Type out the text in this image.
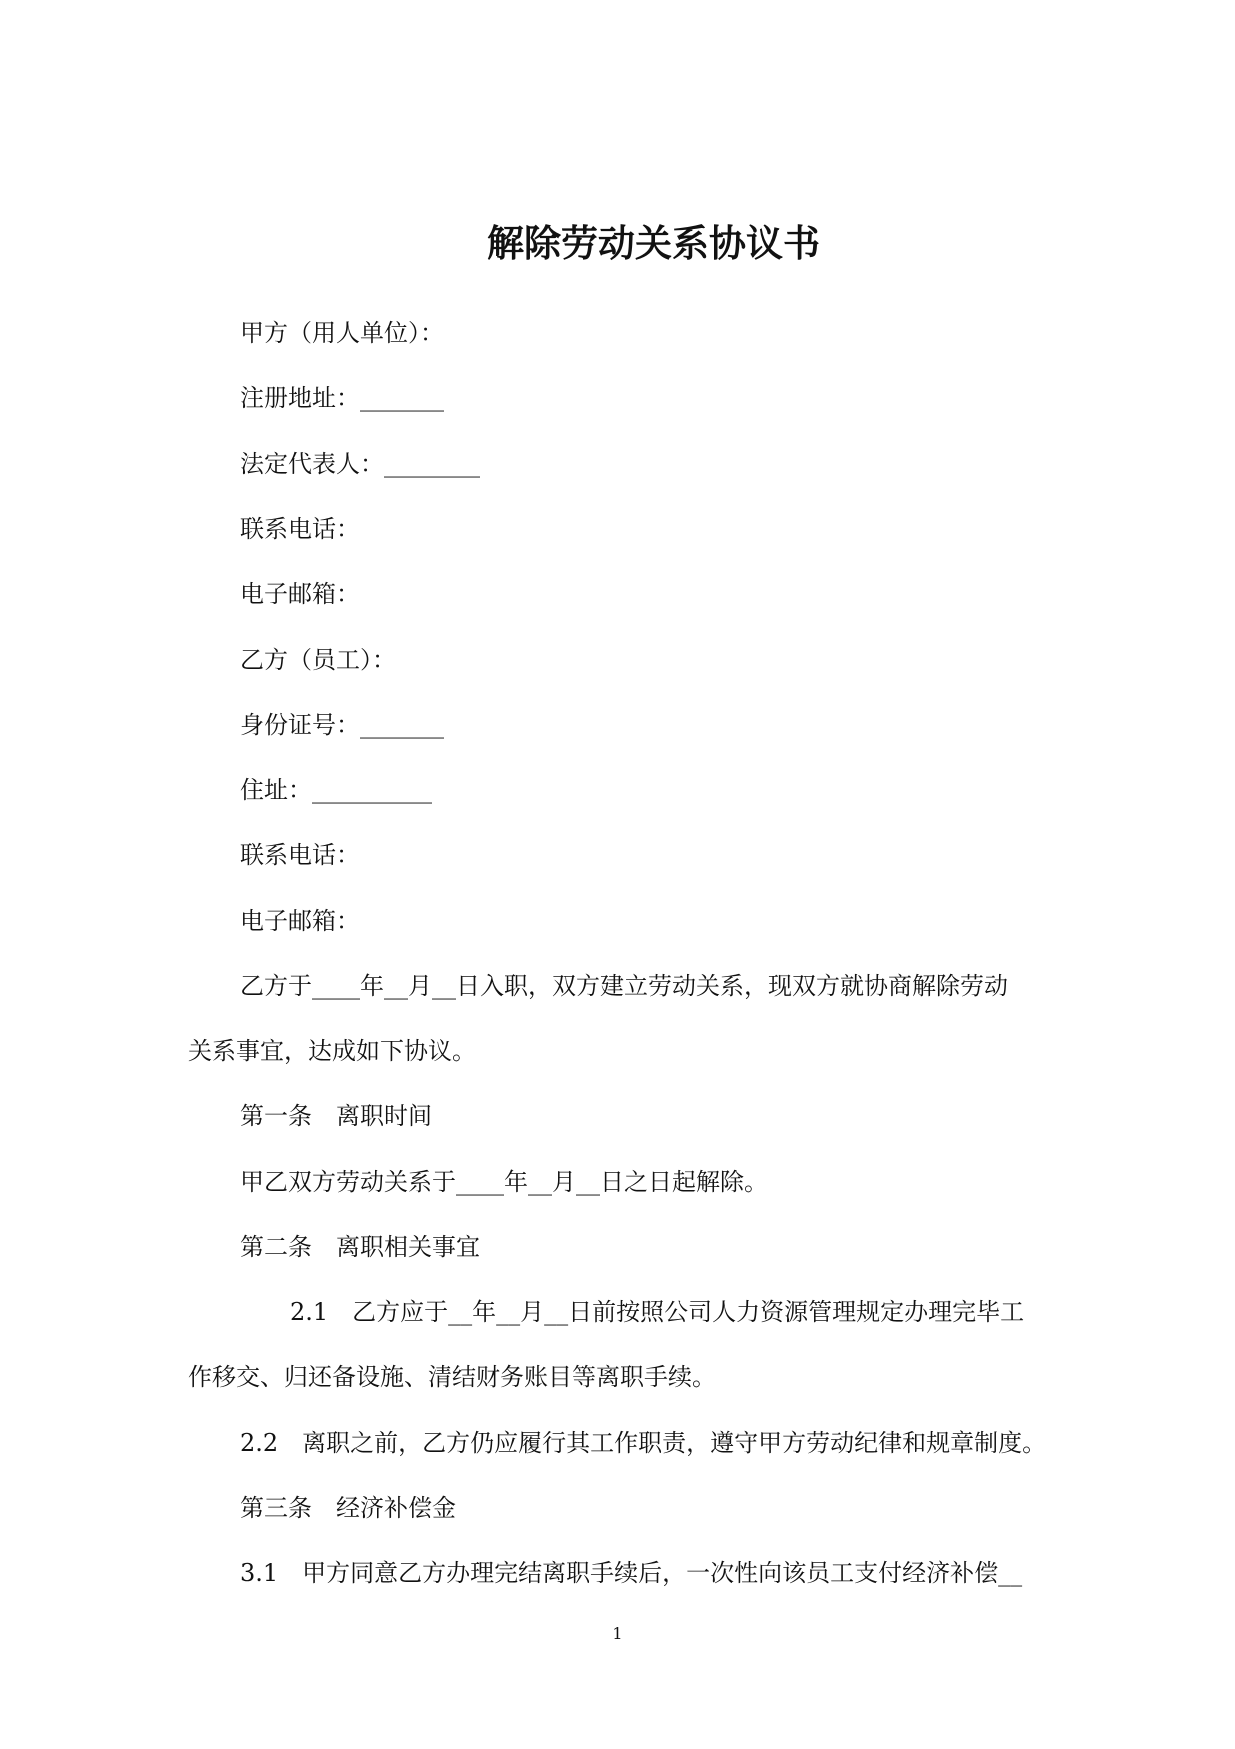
解除劳动关系协议书
甲方（用人单位）：
注册地址：_______
法定代表人：________
联系电话：
电子邮箱：
乙方（员工）：
身份证号：_______
住址：__________
联系电话：
电子邮箱：
乙方于____年__月__日入职，双方建立劳动关系，现双方就协商解除劳动
关系事宜，达成如下协议。
第一条　离职时间
甲乙双方劳动关系于____年__月__日之日起解除。
第二条　离职相关事宜
2.1　乙方应于__年__月__日前按照公司人力资源管理规定办理完毕工
作移交、归还备设施、清结财务账目等离职手续。
2.2　离职之前，乙方仍应履行其工作职责，遵守甲方劳动纪律和规章制度。
第三条　经济补偿金
3.1　甲方同意乙方办理完结离职手续后，一次性向该员工支付经济补偿__
1
